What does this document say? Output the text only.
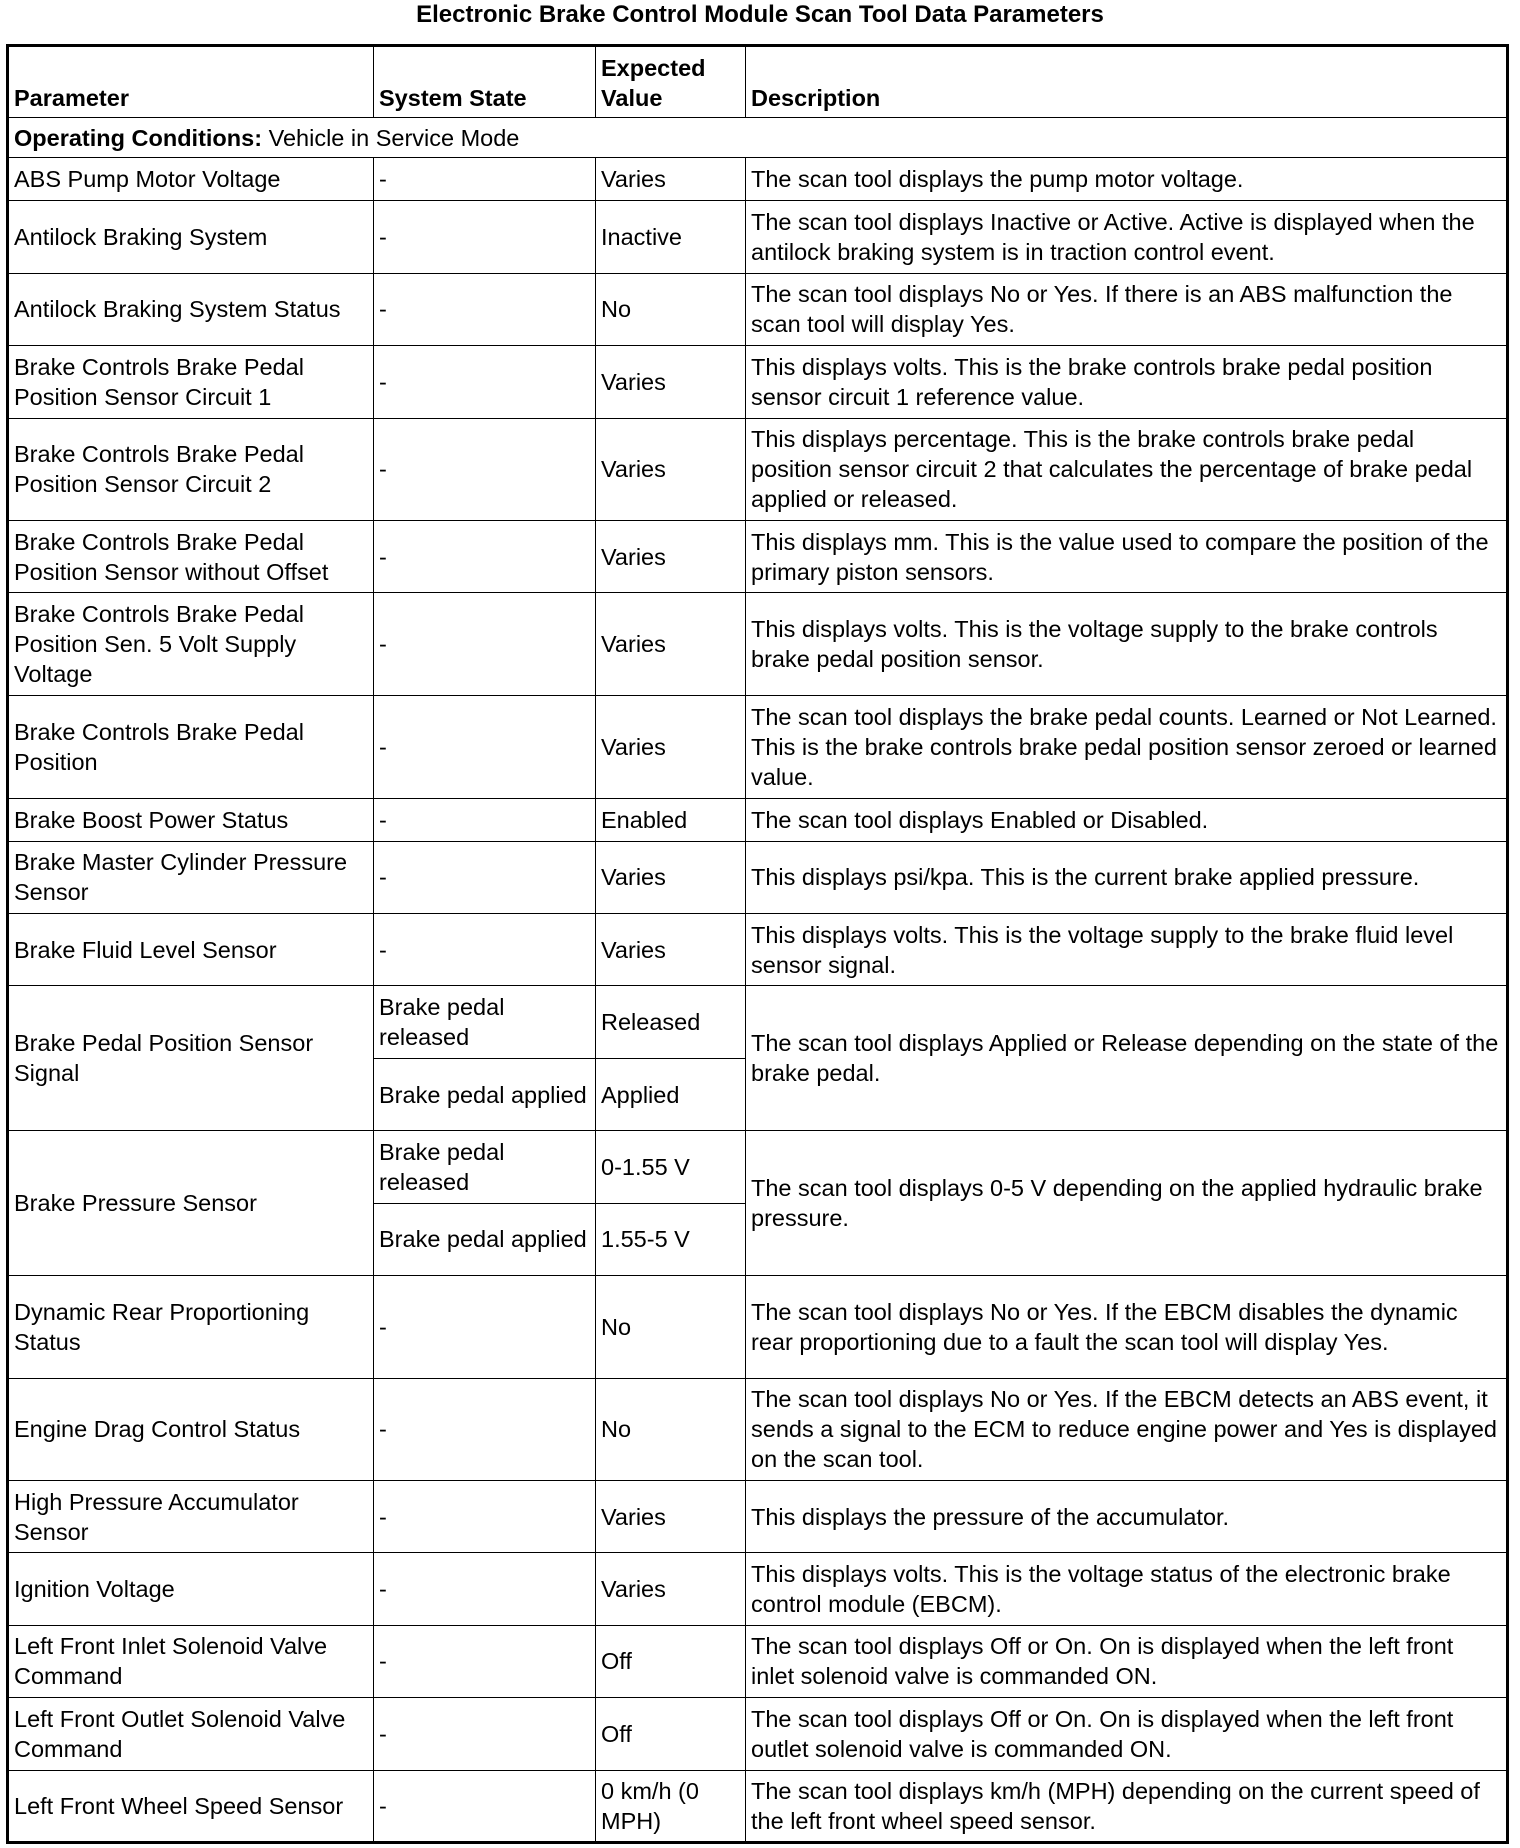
Electronic Brake Control Module Scan Tool Data Parameters
Parameter	System State	Expected Value	Description
Operating Conditions: Vehicle in Service Mode			
ABS Pump Motor Voltage	-	Varies	The scan tool displays the pump motor voltage.
Antilock Braking System	-	Inactive	The scan tool displays Inactive or Active. Active is displayed when the antilock braking system is in traction control event.
Antilock Braking System Status	-	No	The scan tool displays No or Yes. If there is an ABS malfunction the scan tool will display Yes.
Brake Controls Brake Pedal Position Sensor Circuit 1	-	Varies	This displays volts. This is the brake controls brake pedal position sensor circuit 1 reference value.
Brake Controls Brake Pedal Position Sensor Circuit 2	-	Varies	This displays percentage. This is the brake controls brake pedal position sensor circuit 2 that calculates the percentage of brake pedal applied or released.
Brake Controls Brake Pedal Position Sensor without Offset	-	Varies	This displays mm. This is the value used to compare the position of the primary piston sensors.
Brake Controls Brake Pedal Position Sen. 5 Volt Supply Voltage	-	Varies	This displays volts. This is the voltage supply to the brake controls brake pedal position sensor.
Brake Controls Brake Pedal Position	-	Varies	The scan tool displays the brake pedal counts. Learned or Not Learned. This is the brake controls brake pedal position sensor zeroed or learned value.
Brake Boost Power Status	-	Enabled	The scan tool displays Enabled or Disabled.
Brake Master Cylinder Pressure Sensor	-	Varies	This displays psi/kpa. This is the current brake applied pressure.
Brake Fluid Level Sensor	-	Varies	This displays volts. This is the voltage supply to the brake fluid level sensor signal.
Brake Pedal Position Sensor Signal	Brake pedal released	Released	The scan tool displays Applied or Release depending on the state of the brake pedal.
	Brake pedal applied	Applied	
Brake Pressure Sensor	Brake pedal released	0-1.55 V	The scan tool displays 0-5 V depending on the applied hydraulic brake pressure.
	Brake pedal applied	1.55-5 V	
Dynamic Rear Proportioning Status	-	No	The scan tool displays No or Yes. If the EBCM disables the dynamic rear proportioning due to a fault the scan tool will display Yes.
Engine Drag Control Status	-	No	The scan tool displays No or Yes. If the EBCM detects an ABS event, it sends a signal to the ECM to reduce engine power and Yes is displayed on the scan tool.
High Pressure Accumulator Sensor	-	Varies	This displays the pressure of the accumulator.
Ignition Voltage	-	Varies	This displays volts. This is the voltage status of the electronic brake control module (EBCM).
Left Front Inlet Solenoid Valve Command	-	Off	The scan tool displays Off or On. On is displayed when the left front inlet solenoid valve is commanded ON.
Left Front Outlet Solenoid Valve Command	-	Off	The scan tool displays Off or On. On is displayed when the left front outlet solenoid valve is commanded ON.
Left Front Wheel Speed Sensor	-	0 km/h (0 MPH)	The scan tool displays km/h (MPH) depending on the current speed of the left front wheel speed sensor.
